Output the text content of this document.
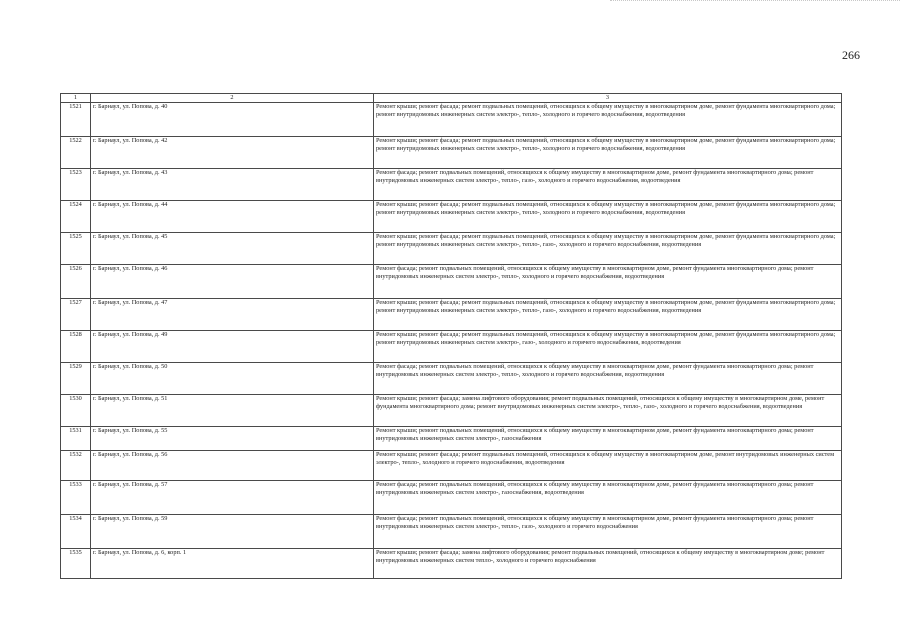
266
1	2	3
1521	г. Барнаул, ул. Попова, д. 40	Ремонт крыши; ремонт фасада; ремонт подвальных помещений, относящихся к общему имуществу в многоквартирном доме, ремонт фундамента многоквартирного дома; ремонт внутридомовых инженерных систем электро-, тепло-, холодного и горячего водоснабжения, водоотведения
1522	г. Барнаул, ул. Попова, д. 42	Ремонт крыши; ремонт фасада; ремонт подвальных помещений, относящихся к общему имуществу в многоквартирном доме, ремонт фундамента многоквартирного дома; ремонт внутридомовых инженерных систем электро-, тепло-, холодного и горячего водоснабжения, водоотведения
1523	г. Барнаул, ул. Попова, д. 43	Ремонт фасада; ремонт подвальных помещений, относящихся к общему имуществу в многоквартирном доме, ремонт фундамента многоквартирного дома; ремонт внутридомовых инженерных систем электро-, тепло-, газо-, холодного и горячего водоснабжения, водоотведения
1524	г. Барнаул, ул. Попова, д. 44	Ремонт крыши; ремонт фасада; ремонт подвальных помещений, относящихся к общему имуществу в многоквартирном доме, ремонт фундамента многоквартирного дома; ремонт внутридомовых инженерных систем электро-, тепло-, холодного и горячего водоснабжения, водоотведения
1525	г. Барнаул, ул. Попова, д. 45	Ремонт крыши; ремонт фасада; ремонт подвальных помещений, относящихся к общему имуществу в многоквартирном доме, ремонт фундамента многоквартирного дома; ремонт внутридомовых инженерных систем электро-, тепло-, газо-, холодного и горячего водоснабжения, водоотведения
1526	г. Барнаул, ул. Попова, д. 46	Ремонт фасада; ремонт подвальных помещений, относящихся к общему имуществу в многоквартирном доме, ремонт фундамента многоквартирного дома; ремонт внутридомовых инженерных систем электро-, тепло-, холодного и горячего водоснабжения, водоотведения
1527	г. Барнаул, ул. Попова, д. 47	Ремонт крыши; ремонт фасада; ремонт подвальных помещений, относящихся к общему имуществу в многоквартирном доме, ремонт фундамента многоквартирного дома; ремонт внутридомовых инженерных систем электро-, тепло-, газо-, холодного и горячего водоснабжения, водоотведения
1528	г. Барнаул, ул. Попова, д. 49	Ремонт крыши; ремонт фасада; ремонт подвальных помещений, относящихся к общему имуществу в многоквартирном доме, ремонт фундамента многоквартирного дома; ремонт внутридомовых инженерных систем электро-, газо-, холодного и горячего водоснабжения, водоотведения
1529	г. Барнаул, ул. Попова, д. 50	Ремонт фасада; ремонт подвальных помещений, относящихся к общему имуществу в многоквартирном доме, ремонт фундамента многоквартирного дома; ремонт внутридомовых инженерных систем электро-, тепло-, холодного и горячего водоснабжения, водоотведения
1530	г. Барнаул, ул. Попова, д. 51	Ремонт крыши; ремонт фасада; замена лифтового оборудования; ремонт подвальных помещений, относящихся к общему имуществу в многоквартирном доме, ремонт фундамента многоквартирного дома; ремонт внутридомовых инженерных систем электро-, тепло-, газо-, холодного и горячего водоснабжения, водоотведения
1531	г. Барнаул, ул. Попова, д. 55	Ремонт крыши; ремонт подвальных помещений, относящихся к общему имуществу в многоквартирном доме, ремонт фундамента многоквартирного дома; ремонт внутридомовых инженерных систем электро-, газоснабжения
1532	г. Барнаул, ул. Попова, д. 56	Ремонт крыши; ремонт фасада; ремонт подвальных помещений, относящихся к общему имуществу в многоквартирном доме, ремонт внутридомовых инженерных систем электро-, тепло-, холодного и горячего водоснабжения, водоотведения
1533	г. Барнаул, ул. Попова, д. 57	Ремонт фасада; ремонт подвальных помещений, относящихся к общему имуществу в многоквартирном доме, ремонт фундамента многоквартирного дома; ремонт внутридомовых инженерных систем электро-, газоснабжения, водоотведения
1534	г. Барнаул, ул. Попова, д. 59	Ремонт фасада; ремонт подвальных помещений, относящихся к общему имуществу в многоквартирном доме, ремонт фундамента многоквартирного дома; ремонт внутридомовых инженерных систем электро-, тепло-, газо-, холодного и горячего водоснабжения
1535	г. Барнаул, ул. Попова, д. 6, корп. 1	Ремонт крыши; ремонт фасада; замена лифтового оборудования; ремонт подвальных помещений, относящихся к общему имуществу в многоквартирном доме; ремонт внутридомовых инженерных систем тепло-, холодного и горячего водоснабжения
